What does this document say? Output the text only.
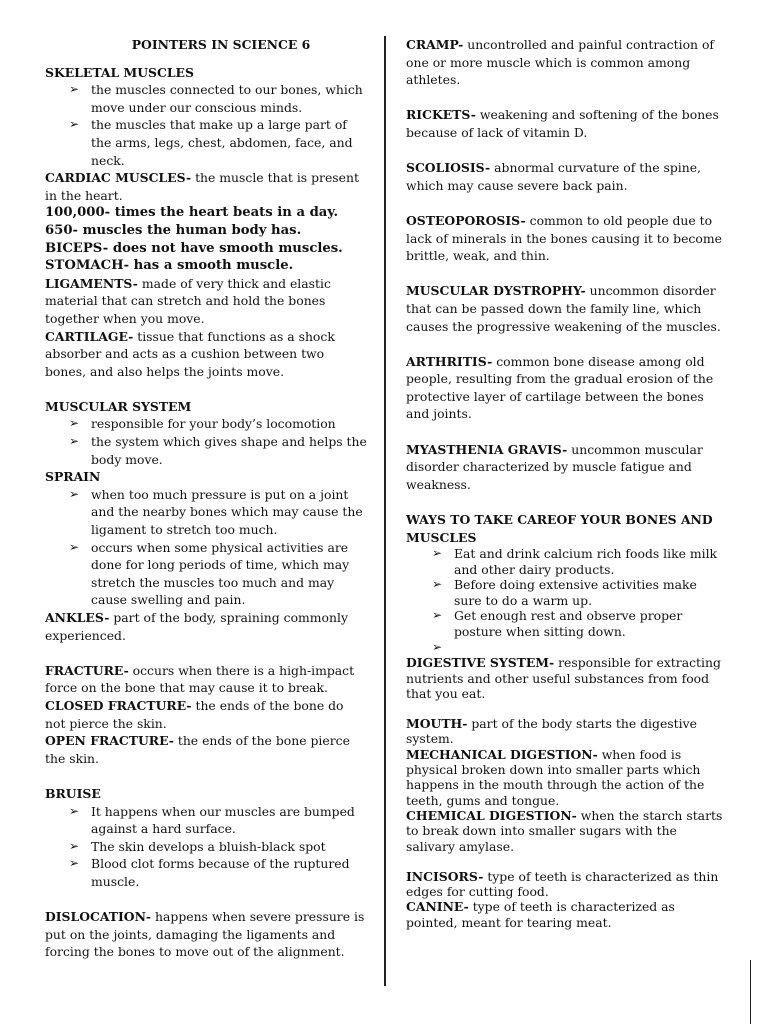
POINTERS IN SCIENCE 6
SKELETAL MUSCLES
➢ the muscles connected to our bones, which move under our conscious minds.
➢ the muscles that make up a large part of the arms, legs, chest, abdomen, face, and neck.

CARDIAC MUSCLES- the muscle that is present in the heart.

100,000- times the heart beats in a day.
650- muscles the human body has.
BICEPS- does not have smooth muscles.
STOMACH- has a smooth muscle.

LIGAMENTS- made of very thick and elastic material that can stretch and hold the bones together when you move.

CARTILAGE- tissue that functions as a shock absorber and acts as a cushion between two bones, and also helps the joints move.

MUSCULAR SYSTEM
➢ responsible for your body’s locomotion
➢ the system which gives shape and helps the body move.
SPRAIN
➢ when too much pressure is put on a joint and the nearby bones which may cause the ligament to stretch too much.
➢ occurs when some physical activities are done for long periods of time, which may stretch the muscles too much and may cause swelling and pain.

ANKLES- part of the body, spraining commonly experienced.

FRACTURE- occurs when there is a high-impact force on the bone that may cause it to break.

CLOSED FRACTURE- the ends of the bone do not pierce the skin.

OPEN FRACTURE- the ends of the bone pierce the skin.

BRUISE
➢ It happens when our muscles are bumped against a hard surface.
➢ The skin develops a bluish-black spot
➢ Blood clot forms because of the ruptured muscle.

DISLOCATION- happens when severe pressure is put on the joints, damaging the ligaments and forcing the bones to move out of the alignment.

CRAMP- uncontrolled and painful contraction of one or more muscle which is common among athletes.

RICKETS- weakening and softening of the bones because of lack of vitamin D.

SCOLIOSIS- abnormal curvature of the spine, which may cause severe back pain.

OSTEOPOROSIS- common to old people due to lack of minerals in the bones causing it to become brittle, weak, and thin.

MUSCULAR DYSTROPHY- uncommon disorder that can be passed down the family line, which causes the progressive weakening of the muscles.

ARTHRITIS- common bone disease among old people, resulting from the gradual erosion of the protective layer of cartilage between the bones and joints.

MYASTHENIA GRAVIS- uncommon muscular disorder characterized by muscle fatigue and weakness.

WAYS TO TAKE CAREOF YOUR BONES AND MUSCLES
➢ Eat and drink calcium rich foods like milk and other dairy products.
➢ Before doing extensive activities make sure to do a warm up.
➢ Get enough rest and observe proper posture when sitting down.
➢

DIGESTIVE SYSTEM- responsible for extracting nutrients and other useful substances from food that you eat.

MOUTH- part of the body starts the digestive system.

MECHANICAL DIGESTION- when food is physical broken down into smaller parts which happens in the mouth through the action of the teeth, gums and tongue.

CHEMICAL DIGESTION- when the starch starts to break down into smaller sugars with the salivary amylase.

INCISORS- type of teeth is characterized as thin edges for cutting food.

CANINE- type of teeth is characterized as pointed, meant for tearing meat.
